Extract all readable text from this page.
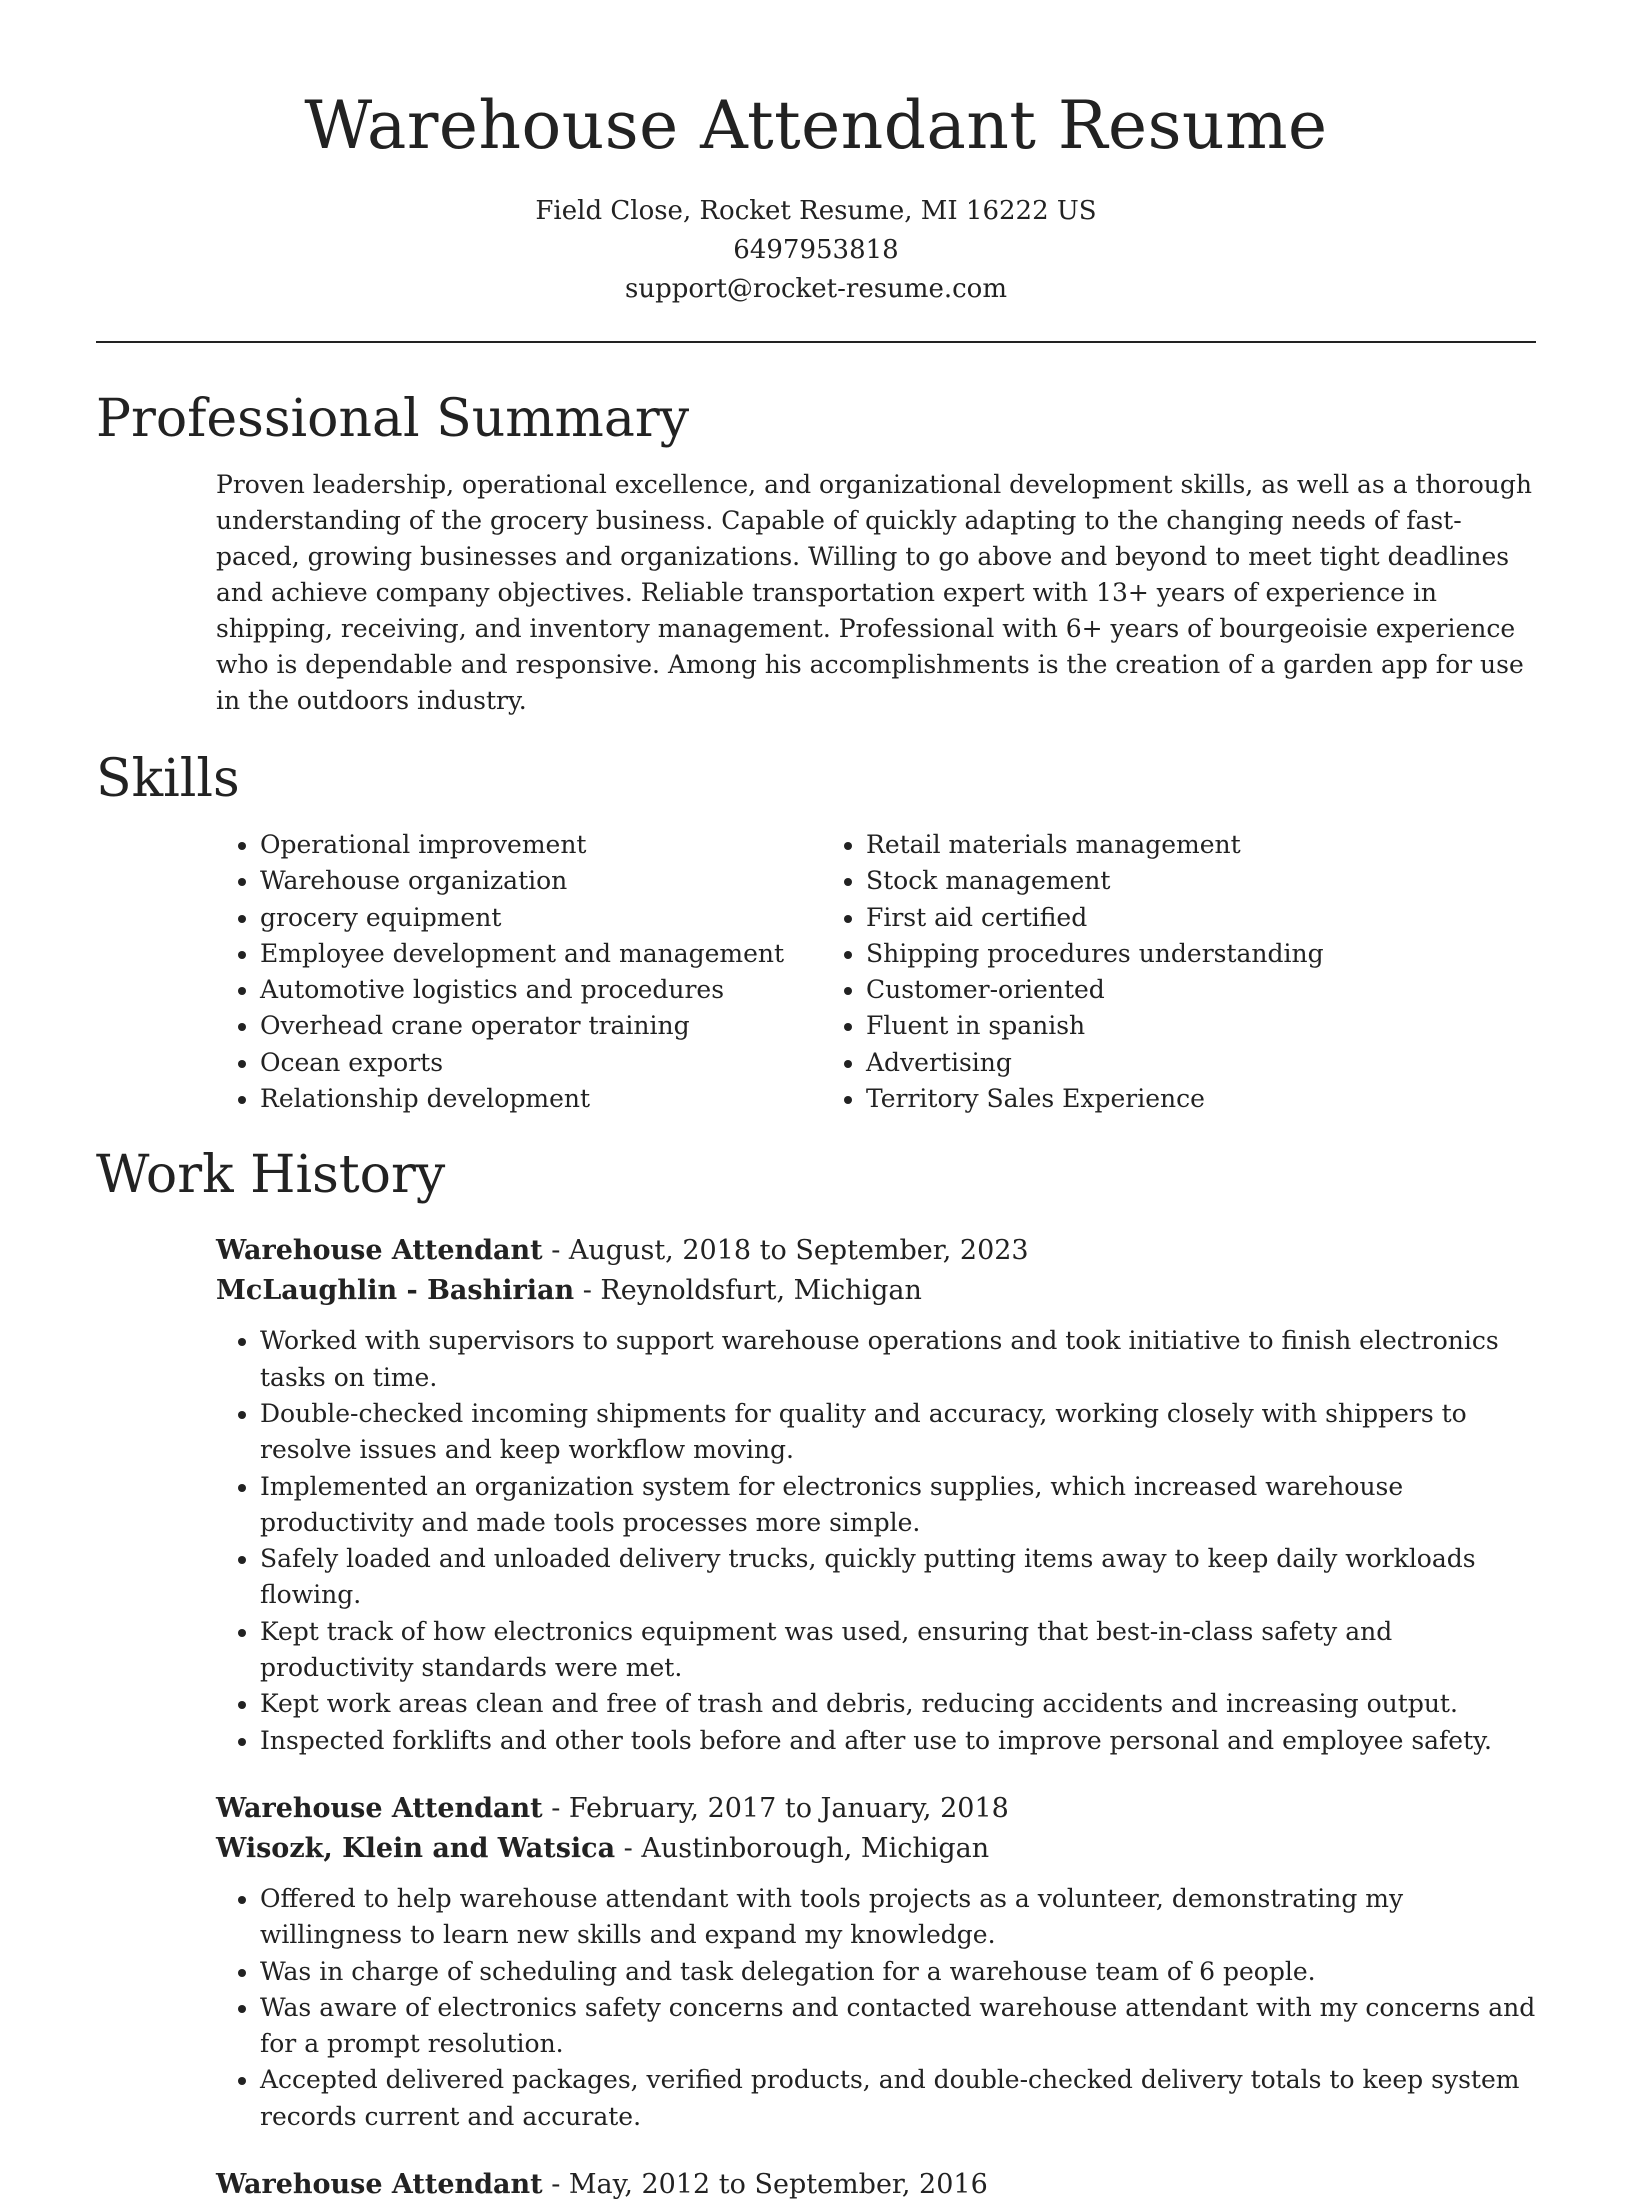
Warehouse Attendant Resume
Field Close, Rocket Resume, MI 16222 US
6497953818
support@rocket-resume.com
Professional Summary

Proven leadership, operational excellence, and organizational development skills, as well as a thorough understanding of the grocery business. Capable of quickly adapting to the changing needs of fast-paced, growing businesses and organizations. Willing to go above and beyond to meet tight deadlines and achieve company objectives. Reliable transportation expert with 13+ years of experience in shipping, receiving, and inventory management. Professional with 6+ years of bourgeoisie experience who is dependable and responsive. Among his accomplishments is the creation of a garden app for use in the outdoors industry.

Skills
• Operational improvement
• Warehouse organization
• grocery equipment
• Employee development and management
• Automotive logistics and procedures
• Overhead crane operator training
• Ocean exports
• Relationship development
• Retail materials management
• Stock management
• First aid certified
• Shipping procedures understanding
• Customer-oriented
• Fluent in spanish
• Advertising
• Territory Sales Experience
Work History
Warehouse Attendant - August, 2018 to September, 2023
McLaughlin - Bashirian - Reynoldsfurt, Michigan
• Worked with supervisors to support warehouse operations and took initiative to finish electronics tasks on time.
• Double-checked incoming shipments for quality and accuracy, working closely with shippers to resolve issues and keep workflow moving.
• Implemented an organization system for electronics supplies, which increased warehouse productivity and made tools processes more simple.
• Safely loaded and unloaded delivery trucks, quickly putting items away to keep daily workloads flowing.
• Kept track of how electronics equipment was used, ensuring that best-in-class safety and productivity standards were met.
• Kept work areas clean and free of trash and debris, reducing accidents and increasing output.
• Inspected forklifts and other tools before and after use to improve personal and employee safety.
Warehouse Attendant - February, 2017 to January, 2018
Wisozk, Klein and Watsica - Austinborough, Michigan
• Offered to help warehouse attendant with tools projects as a volunteer, demonstrating my willingness to learn new skills and expand my knowledge.
• Was in charge of scheduling and task delegation for a warehouse team of 6 people.
• Was aware of electronics safety concerns and contacted warehouse attendant with my concerns and for a prompt resolution.
• Accepted delivered packages, verified products, and double-checked delivery totals to keep system records current and accurate.
Warehouse Attendant - May, 2012 to September, 2016
